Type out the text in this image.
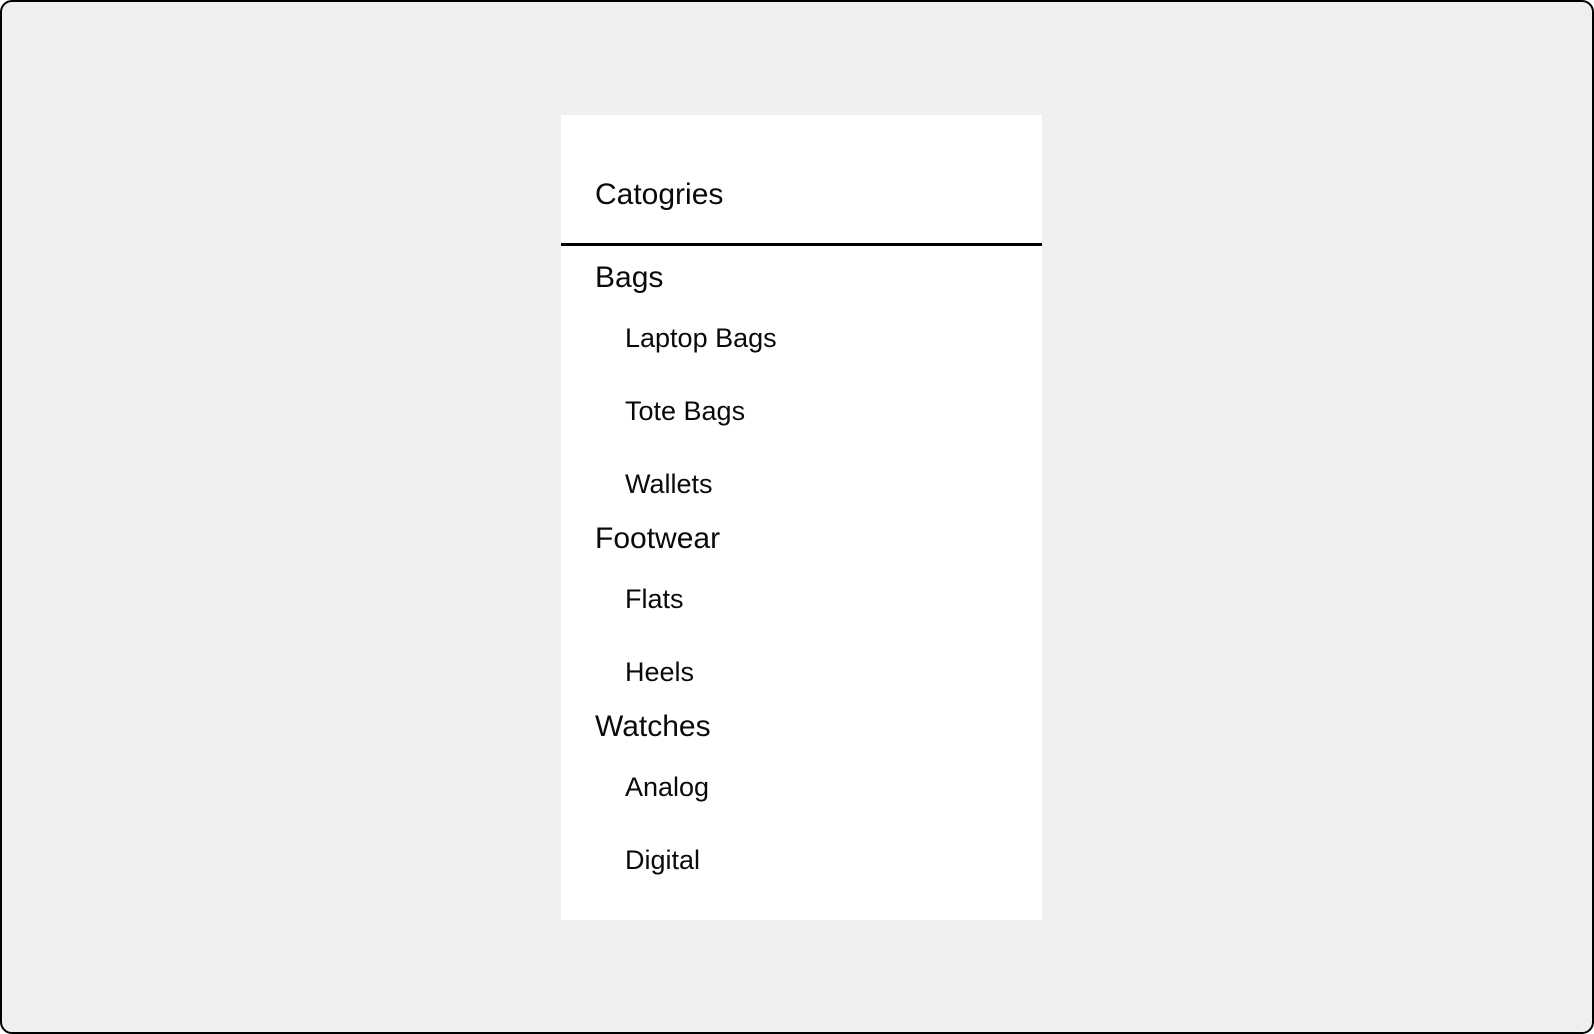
Catogries
Bags
Laptop Bags
Tote Bags
Wallets
Footwear
Flats
Heels
Watches
Analog
Digital
